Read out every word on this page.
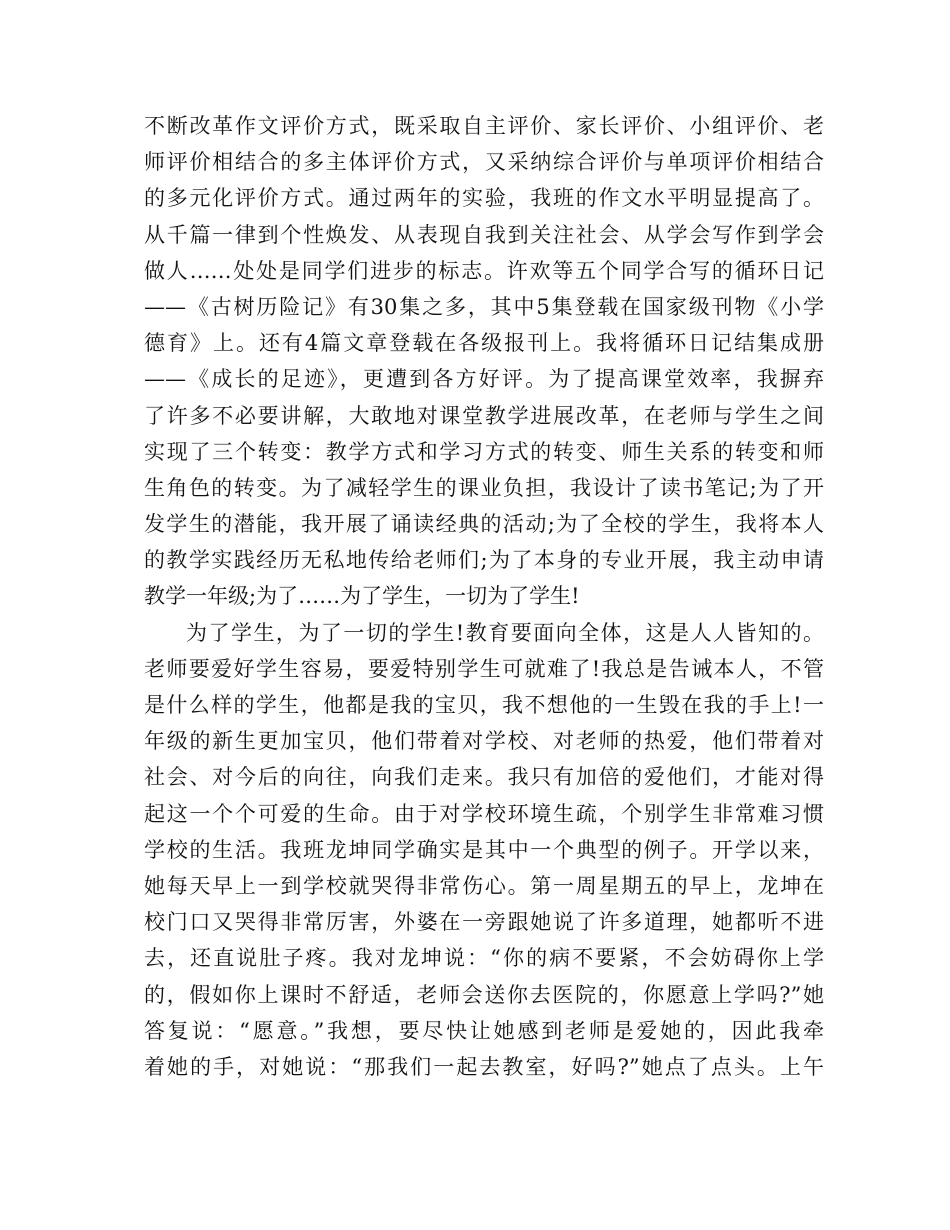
不断改革作文评价方式，既采取自主评价、家长评价、小组评价、老
师评价相结合的多主体评价方式，又采纳综合评价与单项评价相结合
的多元化评价方式。通过两年的实验，我班的作文水平明显提高了。
从千篇一律到个性焕发、从表现自我到关注社会、从学会写作到学会
做人……处处是同学们进步的标志。许欢等五个同学合写的循环日记
——《古树历险记》有30集之多，其中5集登载在国家级刊物《小学
德育》上。还有4篇文章登载在各级报刊上。我将循环日记结集成册
——《成长的足迹》，更遭到各方好评。为了提高课堂效率，我摒弃
了许多不必要讲解，大敢地对课堂教学进展改革，在老师与学生之间
实现了三个转变：教学方式和学习方式的转变、师生关系的转变和师
生角色的转变。为了减轻学生的课业负担，我设计了读书笔记;为了开
发学生的潜能，我开展了诵读经典的活动;为了全校的学生，我将本人
的教学实践经历无私地传给老师们;为了本身的专业开展，我主动申请
教学一年级;为了……为了学生，一切为了学生!
为了学生，为了一切的学生!教育要面向全体，这是人人皆知的。
老师要爱好学生容易，要爱特别学生可就难了!我总是告诫本人，不管
是什么样的学生，他都是我的宝贝，我不想他的一生毁在我的手上!一
年级的新生更加宝贝，他们带着对学校、对老师的热爱，他们带着对
社会、对今后的向往，向我们走来。我只有加倍的爱他们，才能对得
起这一个个可爱的生命。由于对学校环境生疏，个别学生非常难习惯
学校的生活。我班龙坤同学确实是其中一个典型的例子。开学以来，
她每天早上一到学校就哭得非常伤心。第一周星期五的早上，龙坤在
校门口又哭得非常厉害，外婆在一旁跟她说了许多道理，她都听不进
去，还直说肚子疼。我对龙坤说：“你的病不要紧，不会妨碍你上学
的，假如你上课时不舒适，老师会送你去医院的，你愿意上学吗?”她
答复说：“愿意。”我想，要尽快让她感到老师是爱她的，因此我牵
着她的手，对她说：“那我们一起去教室，好吗?”她点了点头。上午
